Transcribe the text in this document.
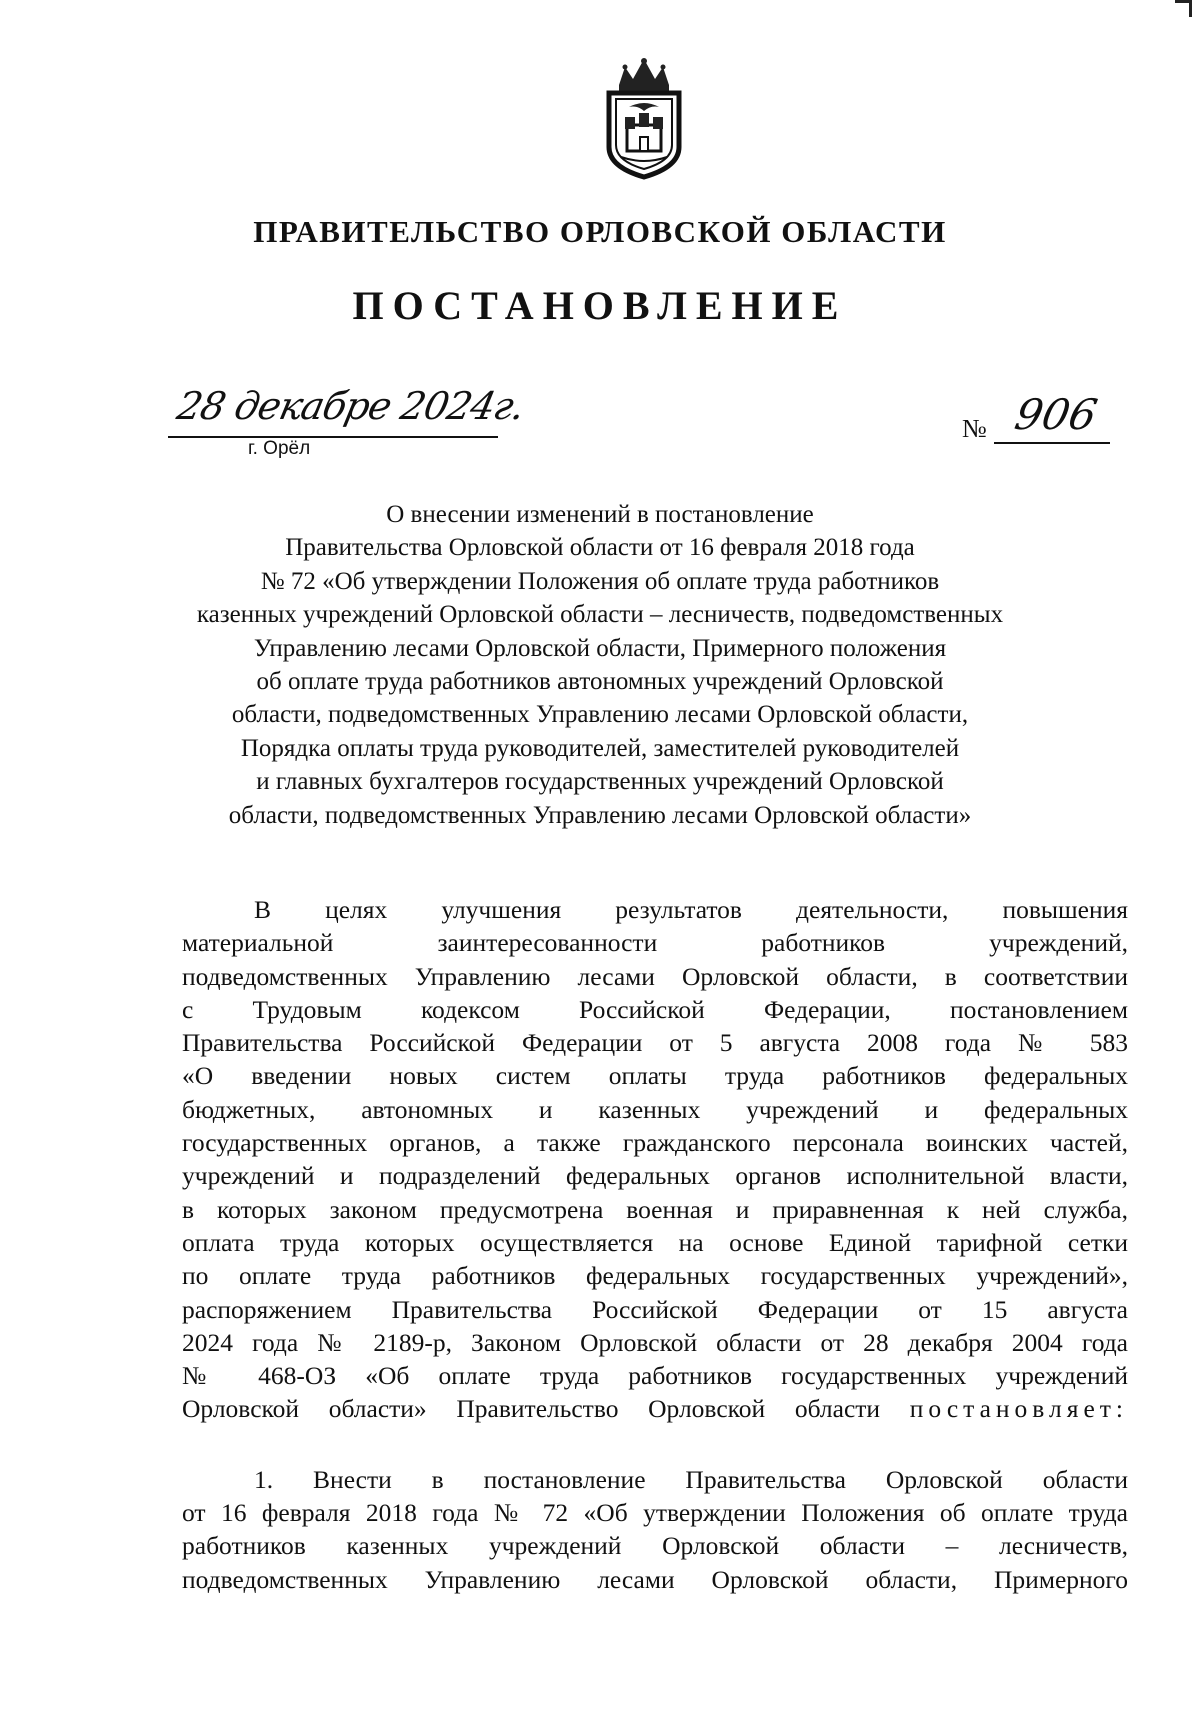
ПРАВИТЕЛЬСТВО ОРЛОВСКОЙ ОБЛАСТИ
ПОСТАНОВЛЕНИЕ
28 декабре 2024г.
г. Орёл
№ 906
О внесении изменений в постановление
Правительства Орловской области от 16 февраля 2018 года
№ 72 «Об утверждении Положения об оплате труда работников
казенных учреждений Орловской области – лесничеств, подведомственных
Управлению лесами Орловской области, Примерного положения
об оплате труда работников автономных учреждений Орловской
области, подведомственных Управлению лесами Орловской области,
Порядка оплаты труда руководителей, заместителей руководителей
и главных бухгалтеров государственных учреждений Орловской
области, подведомственных Управлению лесами Орловской области»
В целях улучшения результатов деятельности, повышения
материальной заинтересованности работников учреждений,
подведомственных Управлению лесами Орловской области, в соответствии
с Трудовым кодексом Российской Федерации, постановлением
Правительства Российской Федерации от 5 августа 2008 года № 583
«О введении новых систем оплаты труда работников федеральных
бюджетных, автономных и казенных учреждений и федеральных
государственных органов, а также гражданского персонала воинских частей,
учреждений и подразделений федеральных органов исполнительной власти,
в которых законом предусмотрена военная и приравненная к ней служба,
оплата труда которых осуществляется на основе Единой тарифной сетки
по оплате труда работников федеральных государственных учреждений»,
распоряжением Правительства Российской Федерации от 15 августа
2024 года № 2189-р, Законом Орловской области от 28 декабря 2004 года
№ 468-ОЗ «Об оплате труда работников государственных учреждений
Орловской области» Правительство Орловской области постановляет:
1. Внести в постановление Правительства Орловской области
от 16 февраля 2018 года № 72 «Об утверждении Положения об оплате труда
работников казенных учреждений Орловской области – лесничеств,
подведомственных Управлению лесами Орловской области, Примерного
